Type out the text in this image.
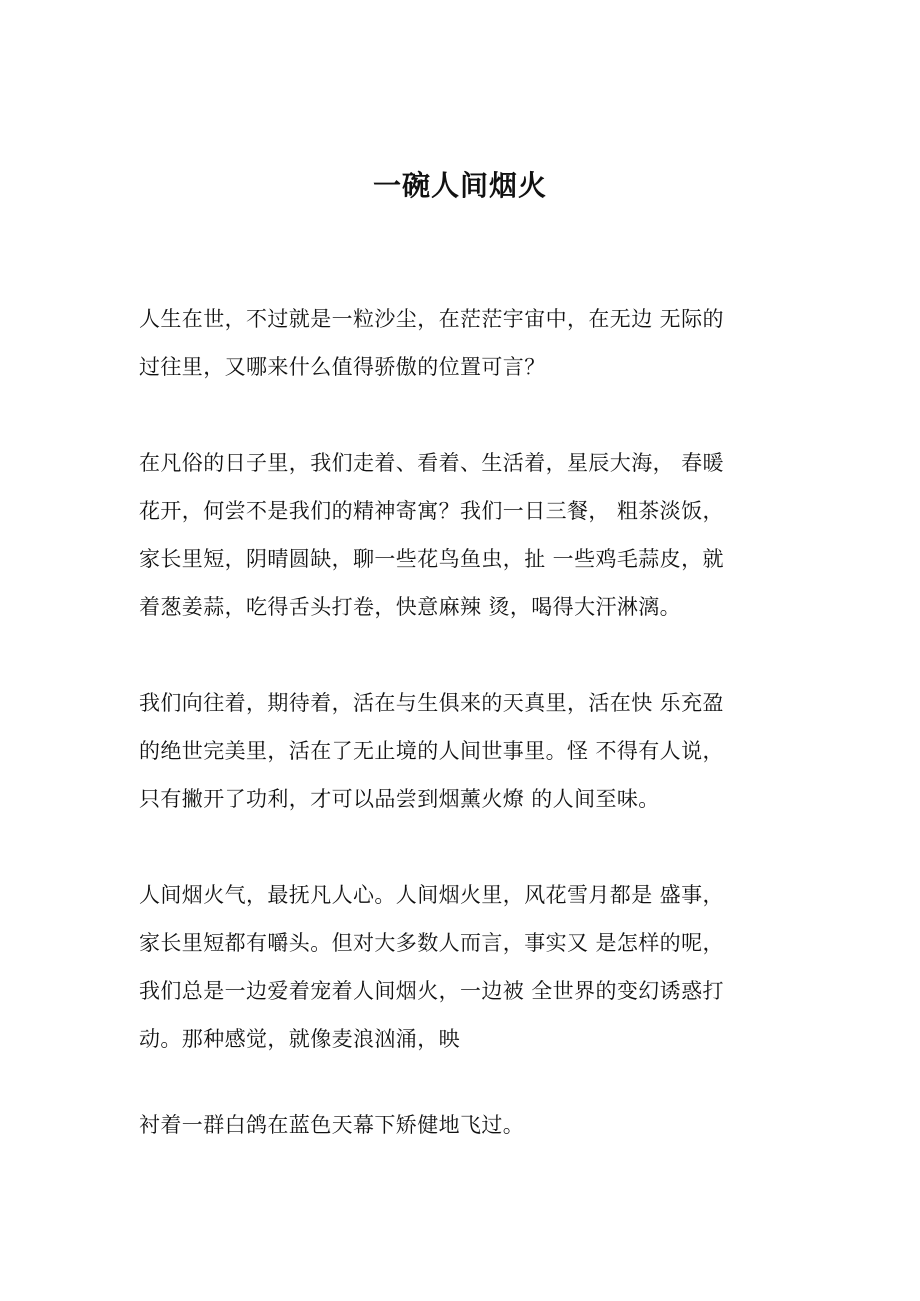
一碗人间烟火

人生在世，不过就是一粒沙尘，在茫茫宇宙中，在无边 无际的
过往里，又哪来什么值得骄傲的位置可言？

在凡俗的日子里，我们走着、看着、生活着，星辰大海， 春暖
花开，何尝不是我们的精神寄寓？我们一日三餐， 粗茶淡饭，
家长里短，阴晴圆缺，聊一些花鸟鱼虫，扯 一些鸡毛蒜皮，就
着葱姜蒜，吃得舌头打卷，快意麻辣 烫，喝得大汗淋漓。

我们向往着，期待着，活在与生俱来的天真里，活在快 乐充盈
的绝世完美里，活在了无止境的人间世事里。怪 不得有人说，
只有撇开了功利，才可以品尝到烟薰火燎 的人间至味。

人间烟火气，最抚凡人心。人间烟火里，风花雪月都是 盛事，
家长里短都有嚼头。但对大多数人而言，事实又 是怎样的呢，
我们总是一边爱着宠着人间烟火，一边被 全世界的变幻诱惑打
动。那种感觉，就像麦浪汹涌，映

衬着一群白鸽在蓝色天幕下矫健地飞过。
